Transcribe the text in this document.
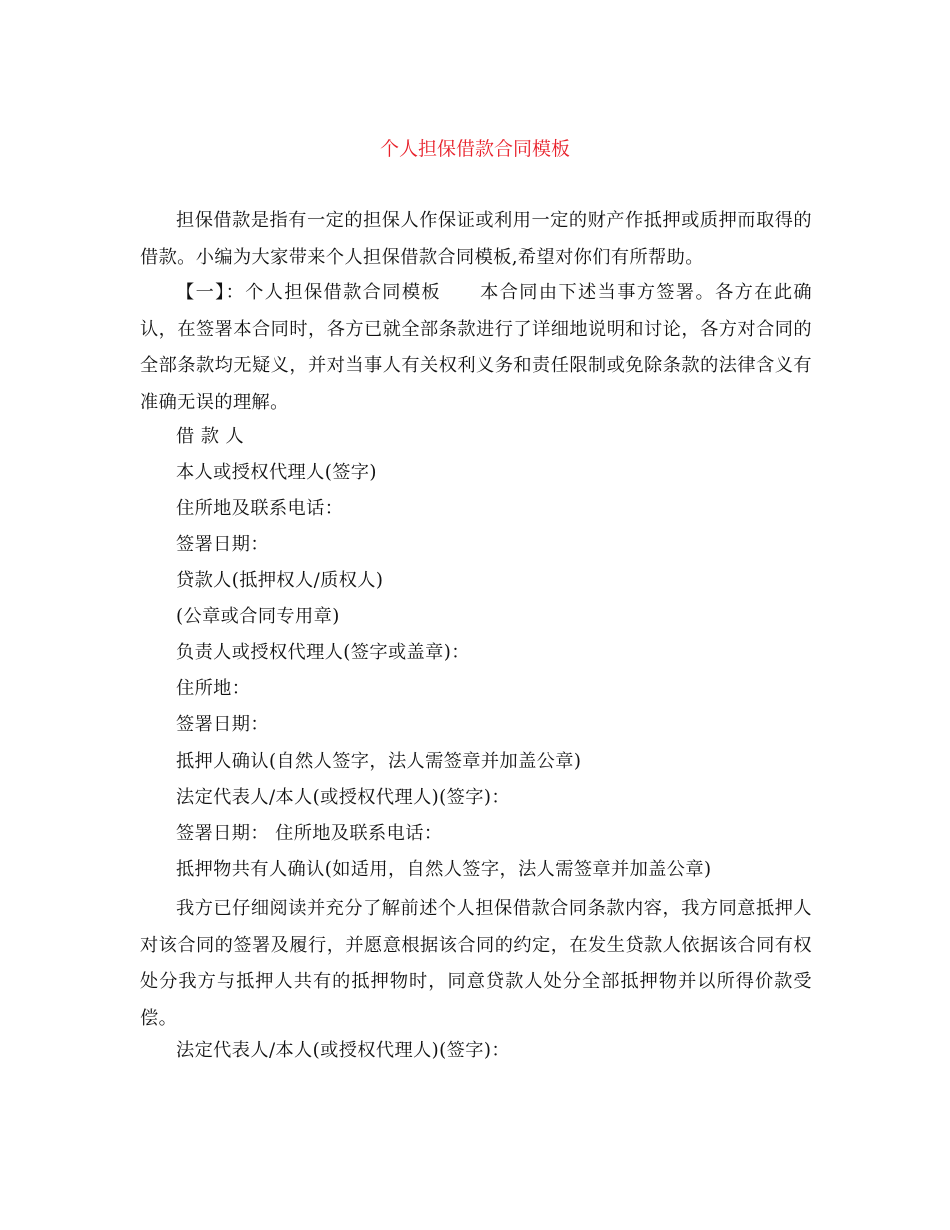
个人担保借款合同模板

担保借款是指有一定的担保人作保证或利用一定的财产作抵押或质押而取得的借款。小编为大家带来个人担保借款合同模板,希望对你们有所帮助。

【一】：个人担保借款合同模板　　本合同由下述当事方签署。各方在此确认，在签署本合同时，各方已就全部条款进行了详细地说明和讨论，各方对合同的全部条款均无疑义，并对当事人有关权利义务和责任限制或免除条款的法律含义有准确无误的理解。

借 款 人

本人或授权代理人(签字)

住所地及联系电话：

签署日期：

贷款人(抵押权人/质权人)

(公章或合同专用章)

负责人或授权代理人(签字或盖章)：

住所地：

签署日期：

抵押人确认(自然人签字，法人需签章并加盖公章)

法定代表人/本人(或授权代理人)(签字)：

签署日期： 住所地及联系电话：

抵押物共有人确认(如适用，自然人签字，法人需签章并加盖公章)

我方已仔细阅读并充分了解前述个人担保借款合同条款内容，我方同意抵押人对该合同的签署及履行，并愿意根据该合同的约定，在发生贷款人依据该合同有权处分我方与抵押人共有的抵押物时，同意贷款人处分全部抵押物并以所得价款受偿。

法定代表人/本人(或授权代理人)(签字)：
